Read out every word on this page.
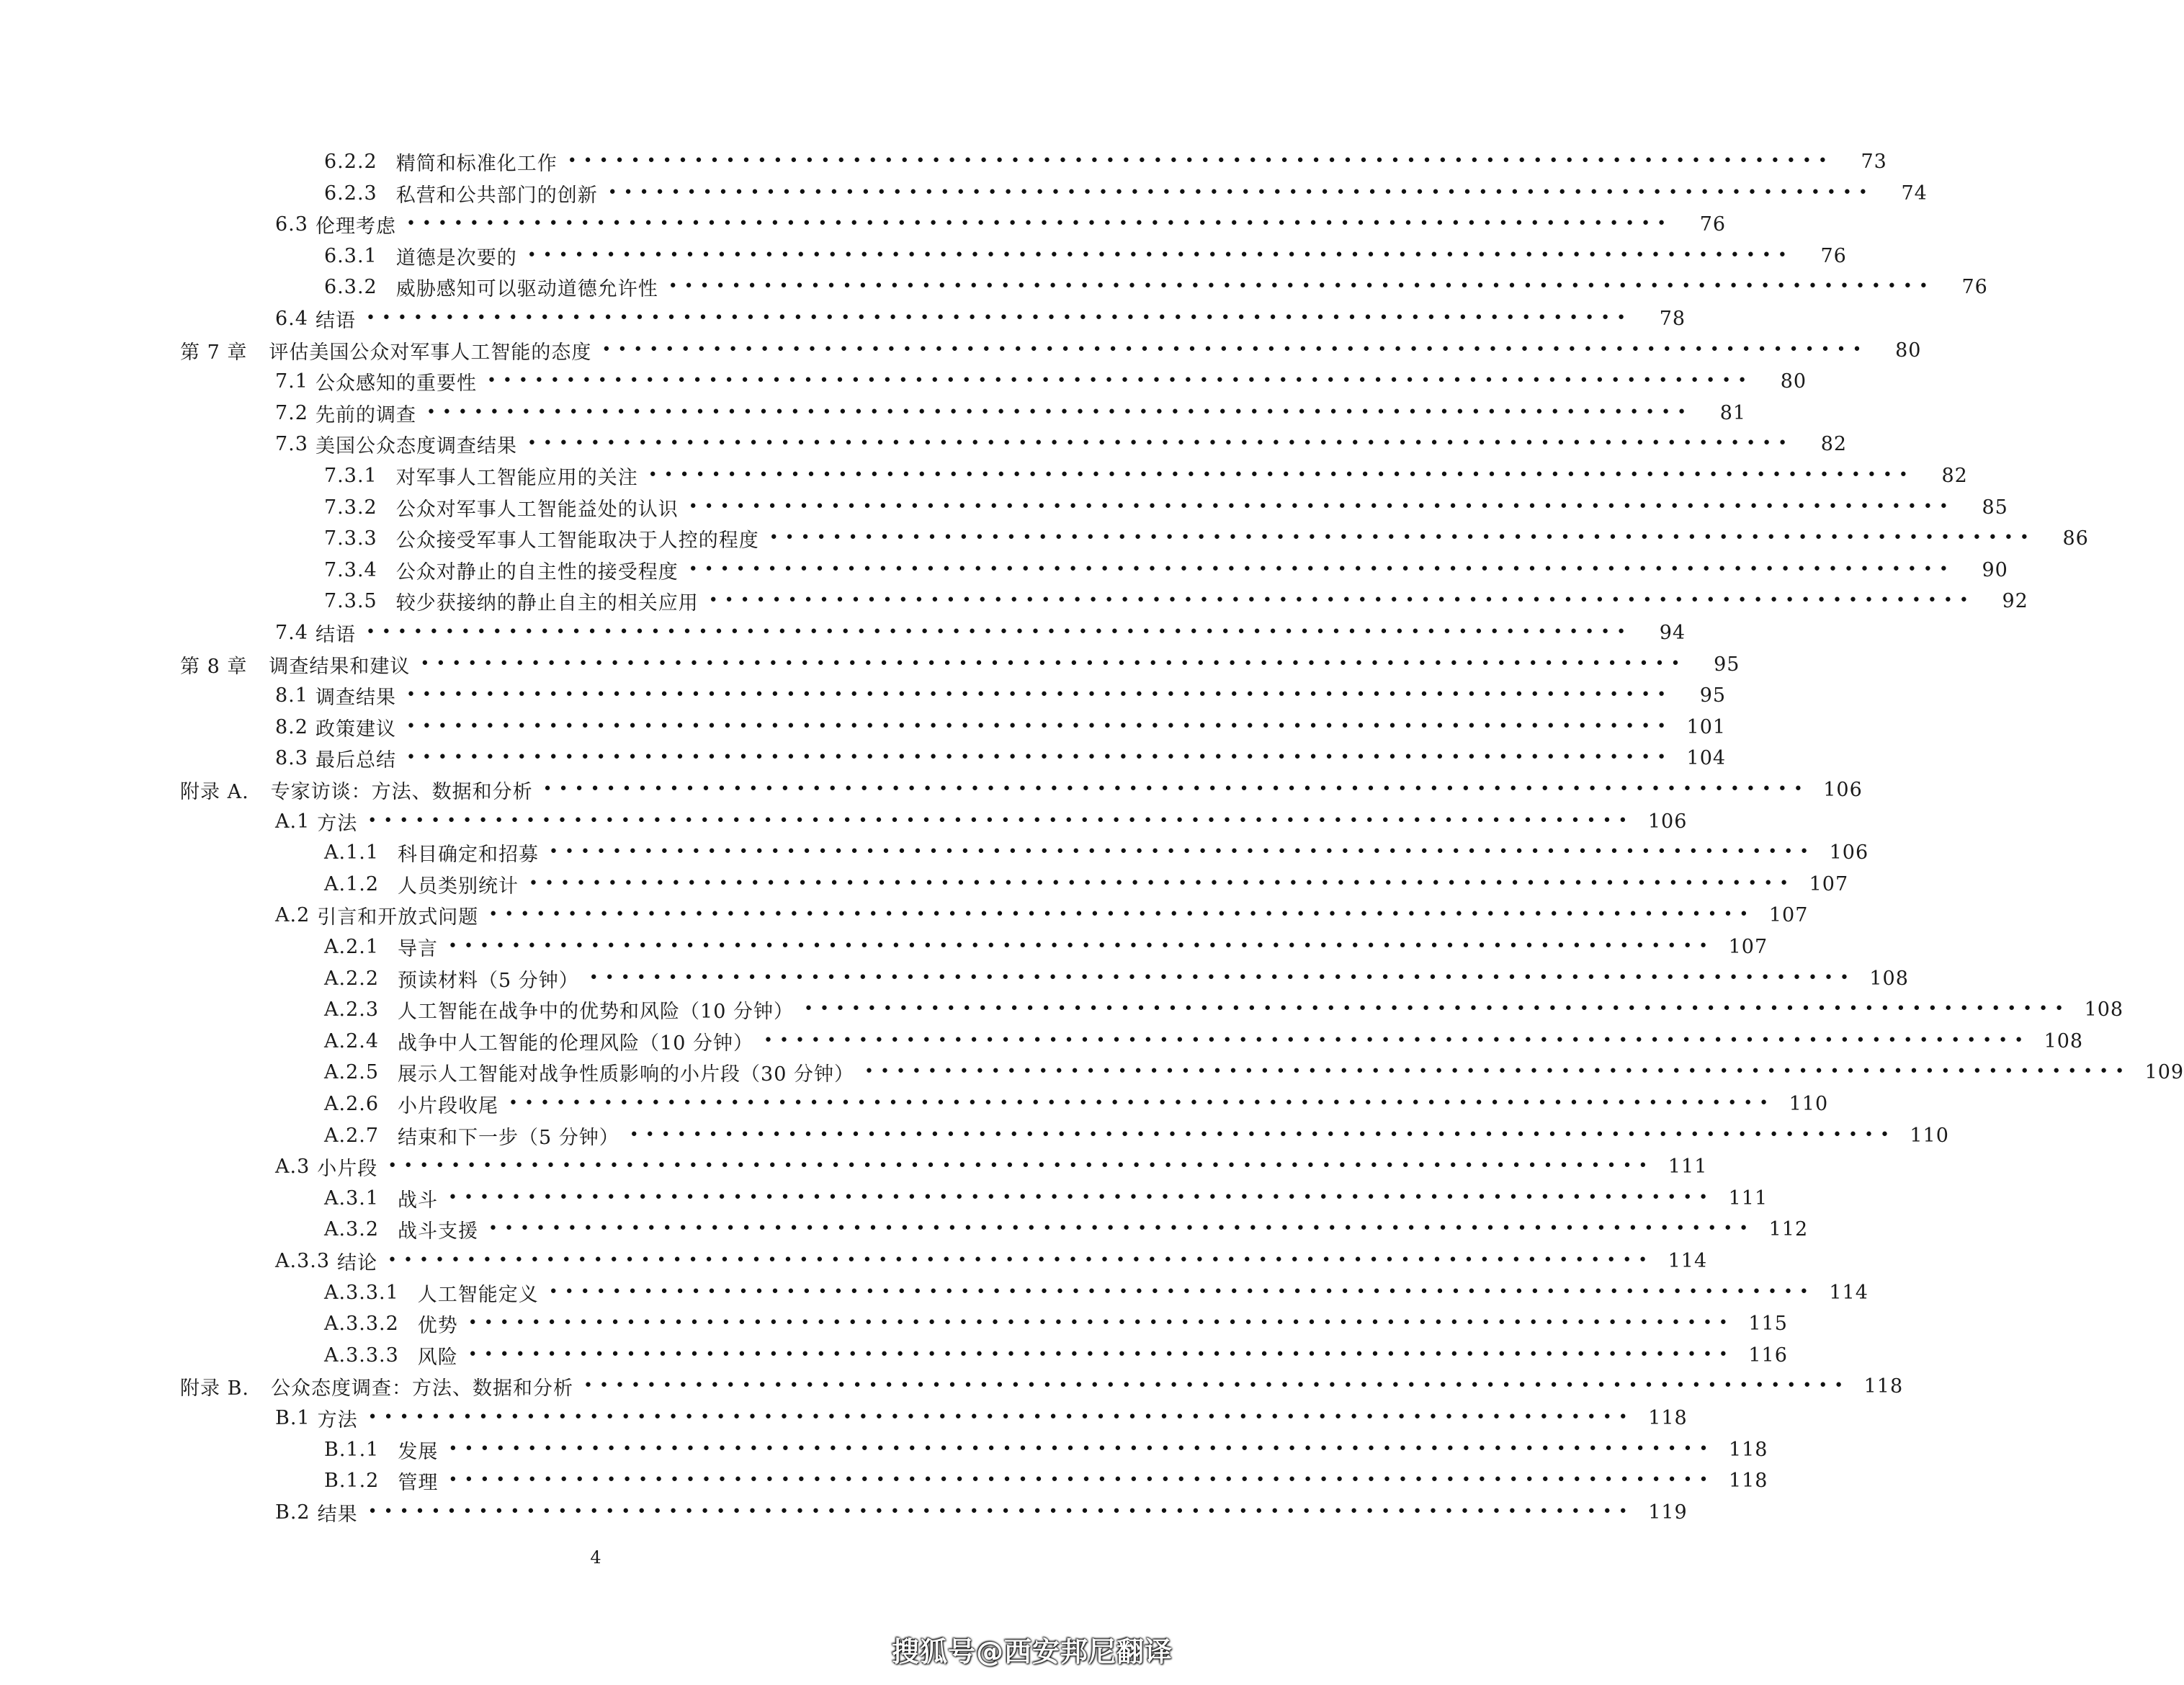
6.2.2 精简和标准化工作 ••••••••••••••••••••••••••••••••••••••••••••••••••••••••••••••••••••••••••••••••	73
6.2.3 私营和公共部门的创新 ••••••••••••••••••••••••••••••••••••••••••••••••••••••••••••••••••••••••••••••••	74
6.3 伦理考虑 ••••••••••••••••••••••••••••••••••••••••••••••••••••••••••••••••••••••••••••••••	76
6.3.1 道德是次要的 ••••••••••••••••••••••••••••••••••••••••••••••••••••••••••••••••••••••••••••••••	76
6.3.2 威胁感知可以驱动道德允许性 ••••••••••••••••••••••••••••••••••••••••••••••••••••••••••••••••••••••••••••••••	76
6.4 结语 ••••••••••••••••••••••••••••••••••••••••••••••••••••••••••••••••••••••••••••••••	78
第 7 章 评估美国公众对军事人工智能的态度 ••••••••••••••••••••••••••••••••••••••••••••••••••••••••••••••••••••••••••••••••	80
7.1 公众感知的重要性 ••••••••••••••••••••••••••••••••••••••••••••••••••••••••••••••••••••••••••••••••	80
7.2 先前的调查 ••••••••••••••••••••••••••••••••••••••••••••••••••••••••••••••••••••••••••••••••	81
7.3 美国公众态度调查结果 ••••••••••••••••••••••••••••••••••••••••••••••••••••••••••••••••••••••••••••••••	82
7.3.1 对军事人工智能应用的关注 ••••••••••••••••••••••••••••••••••••••••••••••••••••••••••••••••••••••••••••••••	82
7.3.2 公众对军事人工智能益处的认识 ••••••••••••••••••••••••••••••••••••••••••••••••••••••••••••••••••••••••••••••••	85
7.3.3 公众接受军事人工智能取决于人控的程度 ••••••••••••••••••••••••••••••••••••••••••••••••••••••••••••••••••••••••••••••••	86
7.3.4 公众对静止的自主性的接受程度 ••••••••••••••••••••••••••••••••••••••••••••••••••••••••••••••••••••••••••••••••	90
7.3.5 较少获接纳的静止自主的相关应用 ••••••••••••••••••••••••••••••••••••••••••••••••••••••••••••••••••••••••••••••••	92
7.4 结语 ••••••••••••••••••••••••••••••••••••••••••••••••••••••••••••••••••••••••••••••••	94
第 8 章 调查结果和建议 ••••••••••••••••••••••••••••••••••••••••••••••••••••••••••••••••••••••••••••••••	95
8.1 调查结果 ••••••••••••••••••••••••••••••••••••••••••••••••••••••••••••••••••••••••••••••••	95
8.2 政策建议 •••••••••••••••••••••••••••••••••••••••••••••••••••••••••••••••••••••••••••••••• 101
8.3 最后总结 •••••••••••••••••••••••••••••••••••••••••••••••••••••••••••••••••••••••••••••••• 104
附录 A. 专家访谈：方法、数据和分析 •••••••••••••••••••••••••••••••••••••••••••••••••••••••••••••••••••••••••••••••• 106
A.1 方法 •••••••••••••••••••••••••••••••••••••••••••••••••••••••••••••••••••••••••••••••• 106
A.1.1 科目确定和招募 •••••••••••••••••••••••••••••••••••••••••••••••••••••••••••••••••••••••••••••••• 106
A.1.2 人员类别统计 •••••••••••••••••••••••••••••••••••••••••••••••••••••••••••••••••••••••••••••••• 107
A.2 引言和开放式问题 •••••••••••••••••••••••••••••••••••••••••••••••••••••••••••••••••••••••••••••••• 107
A.2.1 导言 •••••••••••••••••••••••••••••••••••••••••••••••••••••••••••••••••••••••••••••••• 107
A.2.2 预读材料（5 分钟） •••••••••••••••••••••••••••••••••••••••••••••••••••••••••••••••••••••••••••••••• 108
A.2.3 人工智能在战争中的优势和风险（10 分钟） •••••••••••••••••••••••••••••••••••••••••••••••••••••••••••••••••••••••••••••••• 108
A.2.4 战争中人工智能的伦理风险（10 分钟） •••••••••••••••••••••••••••••••••••••••••••••••••••••••••••••••••••••••••••••••• 108
A.2.5 展示人工智能对战争性质影响的小片段（30 分钟） •••••••••••••••••••••••••••••••••••••••••••••••••••••••••••••••••••••••••••••••• 109
A.2.6 小片段收尾 •••••••••••••••••••••••••••••••••••••••••••••••••••••••••••••••••••••••••••••••• 110
A.2.7 结束和下一步（5 分钟） •••••••••••••••••••••••••••••••••••••••••••••••••••••••••••••••••••••••••••••••• 110
A.3 小片段 •••••••••••••••••••••••••••••••••••••••••••••••••••••••••••••••••••••••••••••••• 111
A.3.1 战斗 •••••••••••••••••••••••••••••••••••••••••••••••••••••••••••••••••••••••••••••••• 111
A.3.2 战斗支援 •••••••••••••••••••••••••••••••••••••••••••••••••••••••••••••••••••••••••••••••• 112
A.3.3 结论 •••••••••••••••••••••••••••••••••••••••••••••••••••••••••••••••••••••••••••••••• 114
A.3.3.1 人工智能定义 •••••••••••••••••••••••••••••••••••••••••••••••••••••••••••••••••••••••••••••••• 114
A.3.3.2 优势 •••••••••••••••••••••••••••••••••••••••••••••••••••••••••••••••••••••••••••••••• 115
A.3.3.3 风险 •••••••••••••••••••••••••••••••••••••••••••••••••••••••••••••••••••••••••••••••• 116
附录 B. 公众态度调查：方法、数据和分析 •••••••••••••••••••••••••••••••••••••••••••••••••••••••••••••••••••••••••••••••• 118
B.1 方法 •••••••••••••••••••••••••••••••••••••••••••••••••••••••••••••••••••••••••••••••• 118
B.1.1 发展 •••••••••••••••••••••••••••••••••••••••••••••••••••••••••••••••••••••••••••••••• 118
B.1.2 管理 •••••••••••••••••••••••••••••••••••••••••••••••••••••••••••••••••••••••••••••••• 118
B.2 结果 •••••••••••••••••••••••••••••••••••••••••••••••••••••••••••••••••••••••••••••••• 119
4
搜狐号@西安邦尼翻译
